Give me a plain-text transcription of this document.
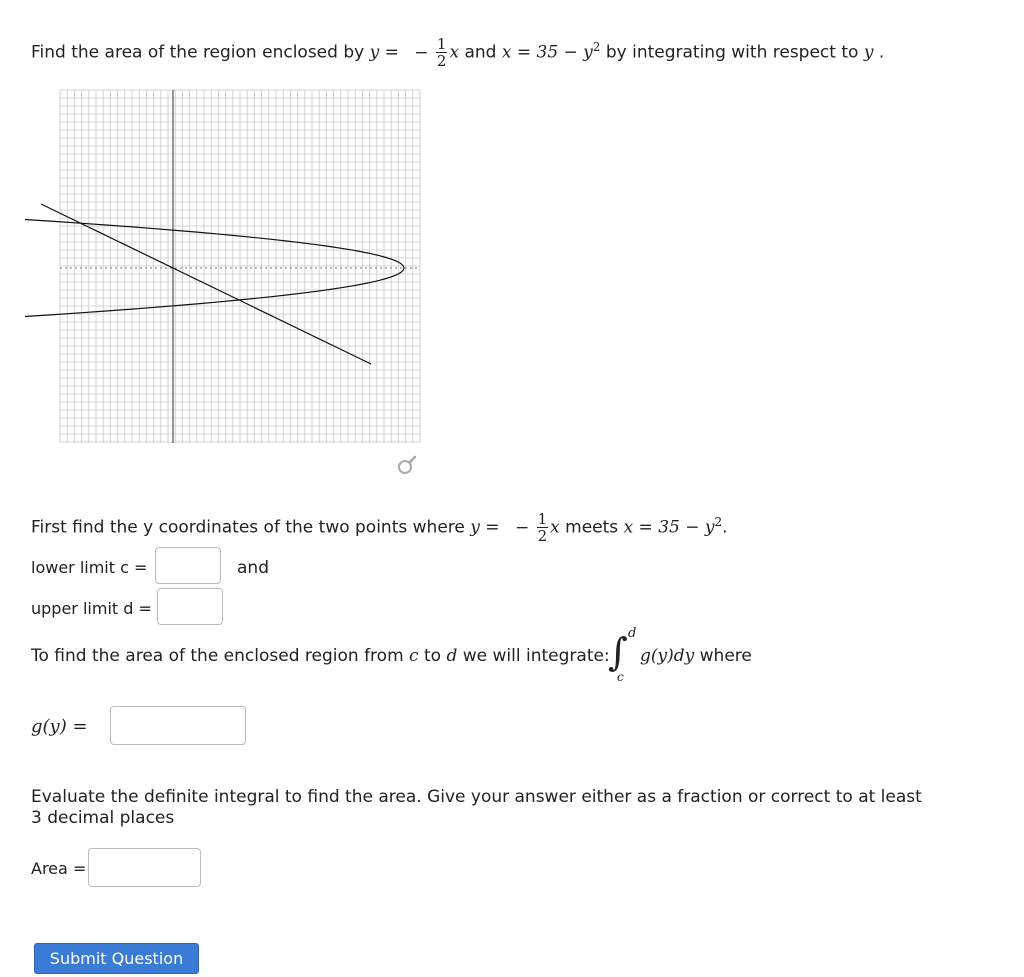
Find the area of the region enclosed by y = − $\frac{1}{2}$ x and $x = 35 - y^2$ by integrating with respect to y .
First find the y coordinates of the two points where y = − $\frac{1}{2}$ x meets $x = 35 - y^2$.
lower limit c =	and
upper limit d =
To find the area of the enclosed region from c to d we will integrate:
∫ d
c
g(y)dy where
g(y) =
Evaluate the definite integral to find the area. Give your answer either as a fraction or correct to at least 3 decimal places
Area =
Submit Question
